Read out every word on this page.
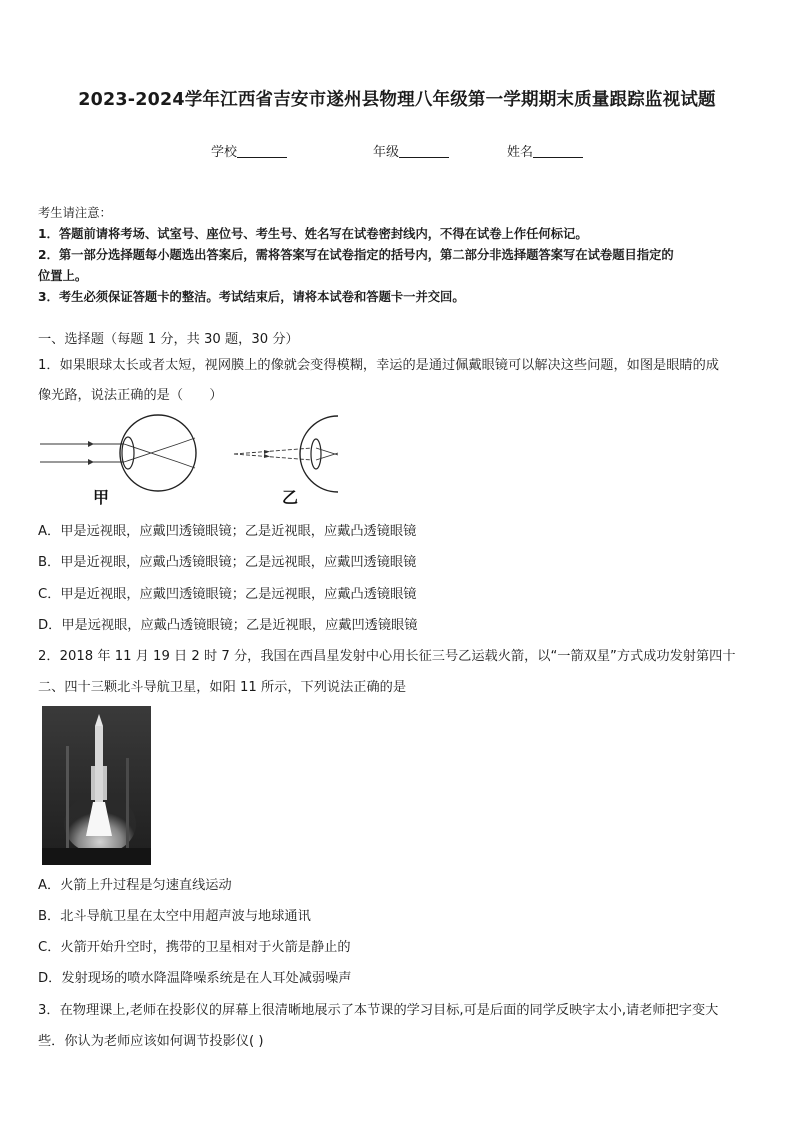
2023-2024学年江西省吉安市遂州县物理八年级第一学期期末质量跟踪监视试题
学校	年级	姓名
考生请注意：
1．答题前请将考场、试室号、座位号、考生号、姓名写在试卷密封线内，不得在试卷上作任何标记。
2．第一部分选择题每小题选出答案后，需将答案写在试卷指定的括号内，第二部分非选择题答案写在试卷题目指定的
位置上。
3．考生必须保证答题卡的整洁。考试结束后，请将本试卷和答题卡一并交回。
一、选择题（每题 1 分，共 30 题，30 分）
1．如果眼球太长或者太短，视网膜上的像就会变得模糊，幸运的是通过佩戴眼镜可以解决这些问题，如图是眼睛的成
像光路，说法正确的是（　　）
甲	乙
A．甲是远视眼，应戴凹透镜眼镜；乙是近视眼，应戴凸透镜眼镜
B．甲是近视眼，应戴凸透镜眼镜；乙是远视眼，应戴凹透镜眼镜
C．甲是近视眼，应戴凹透镜眼镜；乙是远视眼，应戴凸透镜眼镜
D．甲是远视眼，应戴凸透镜眼镜；乙是近视眼，应戴凹透镜眼镜
2．2018 年 11 月 19 日 2 时 7 分，我国在西昌星发射中心用长征三号乙运载火箭，以“一箭双星”方式成功发射第四十
二、四十三颗北斗导航卫星，如阳 11 所示，下列说法正确的是
A．火箭上升过程是匀速直线运动
B．北斗导航卫星在太空中用超声波与地球通讯
C．火箭开始升空时，携带的卫星相对于火箭是静止的
D．发射现场的喷水降温降噪系统是在人耳处减弱噪声
3．在物理课上,老师在投影仪的屏幕上很清晰地展示了本节课的学习目标,可是后面的同学反映字太小,请老师把字变大
些．你认为老师应该如何调节投影仪( )
